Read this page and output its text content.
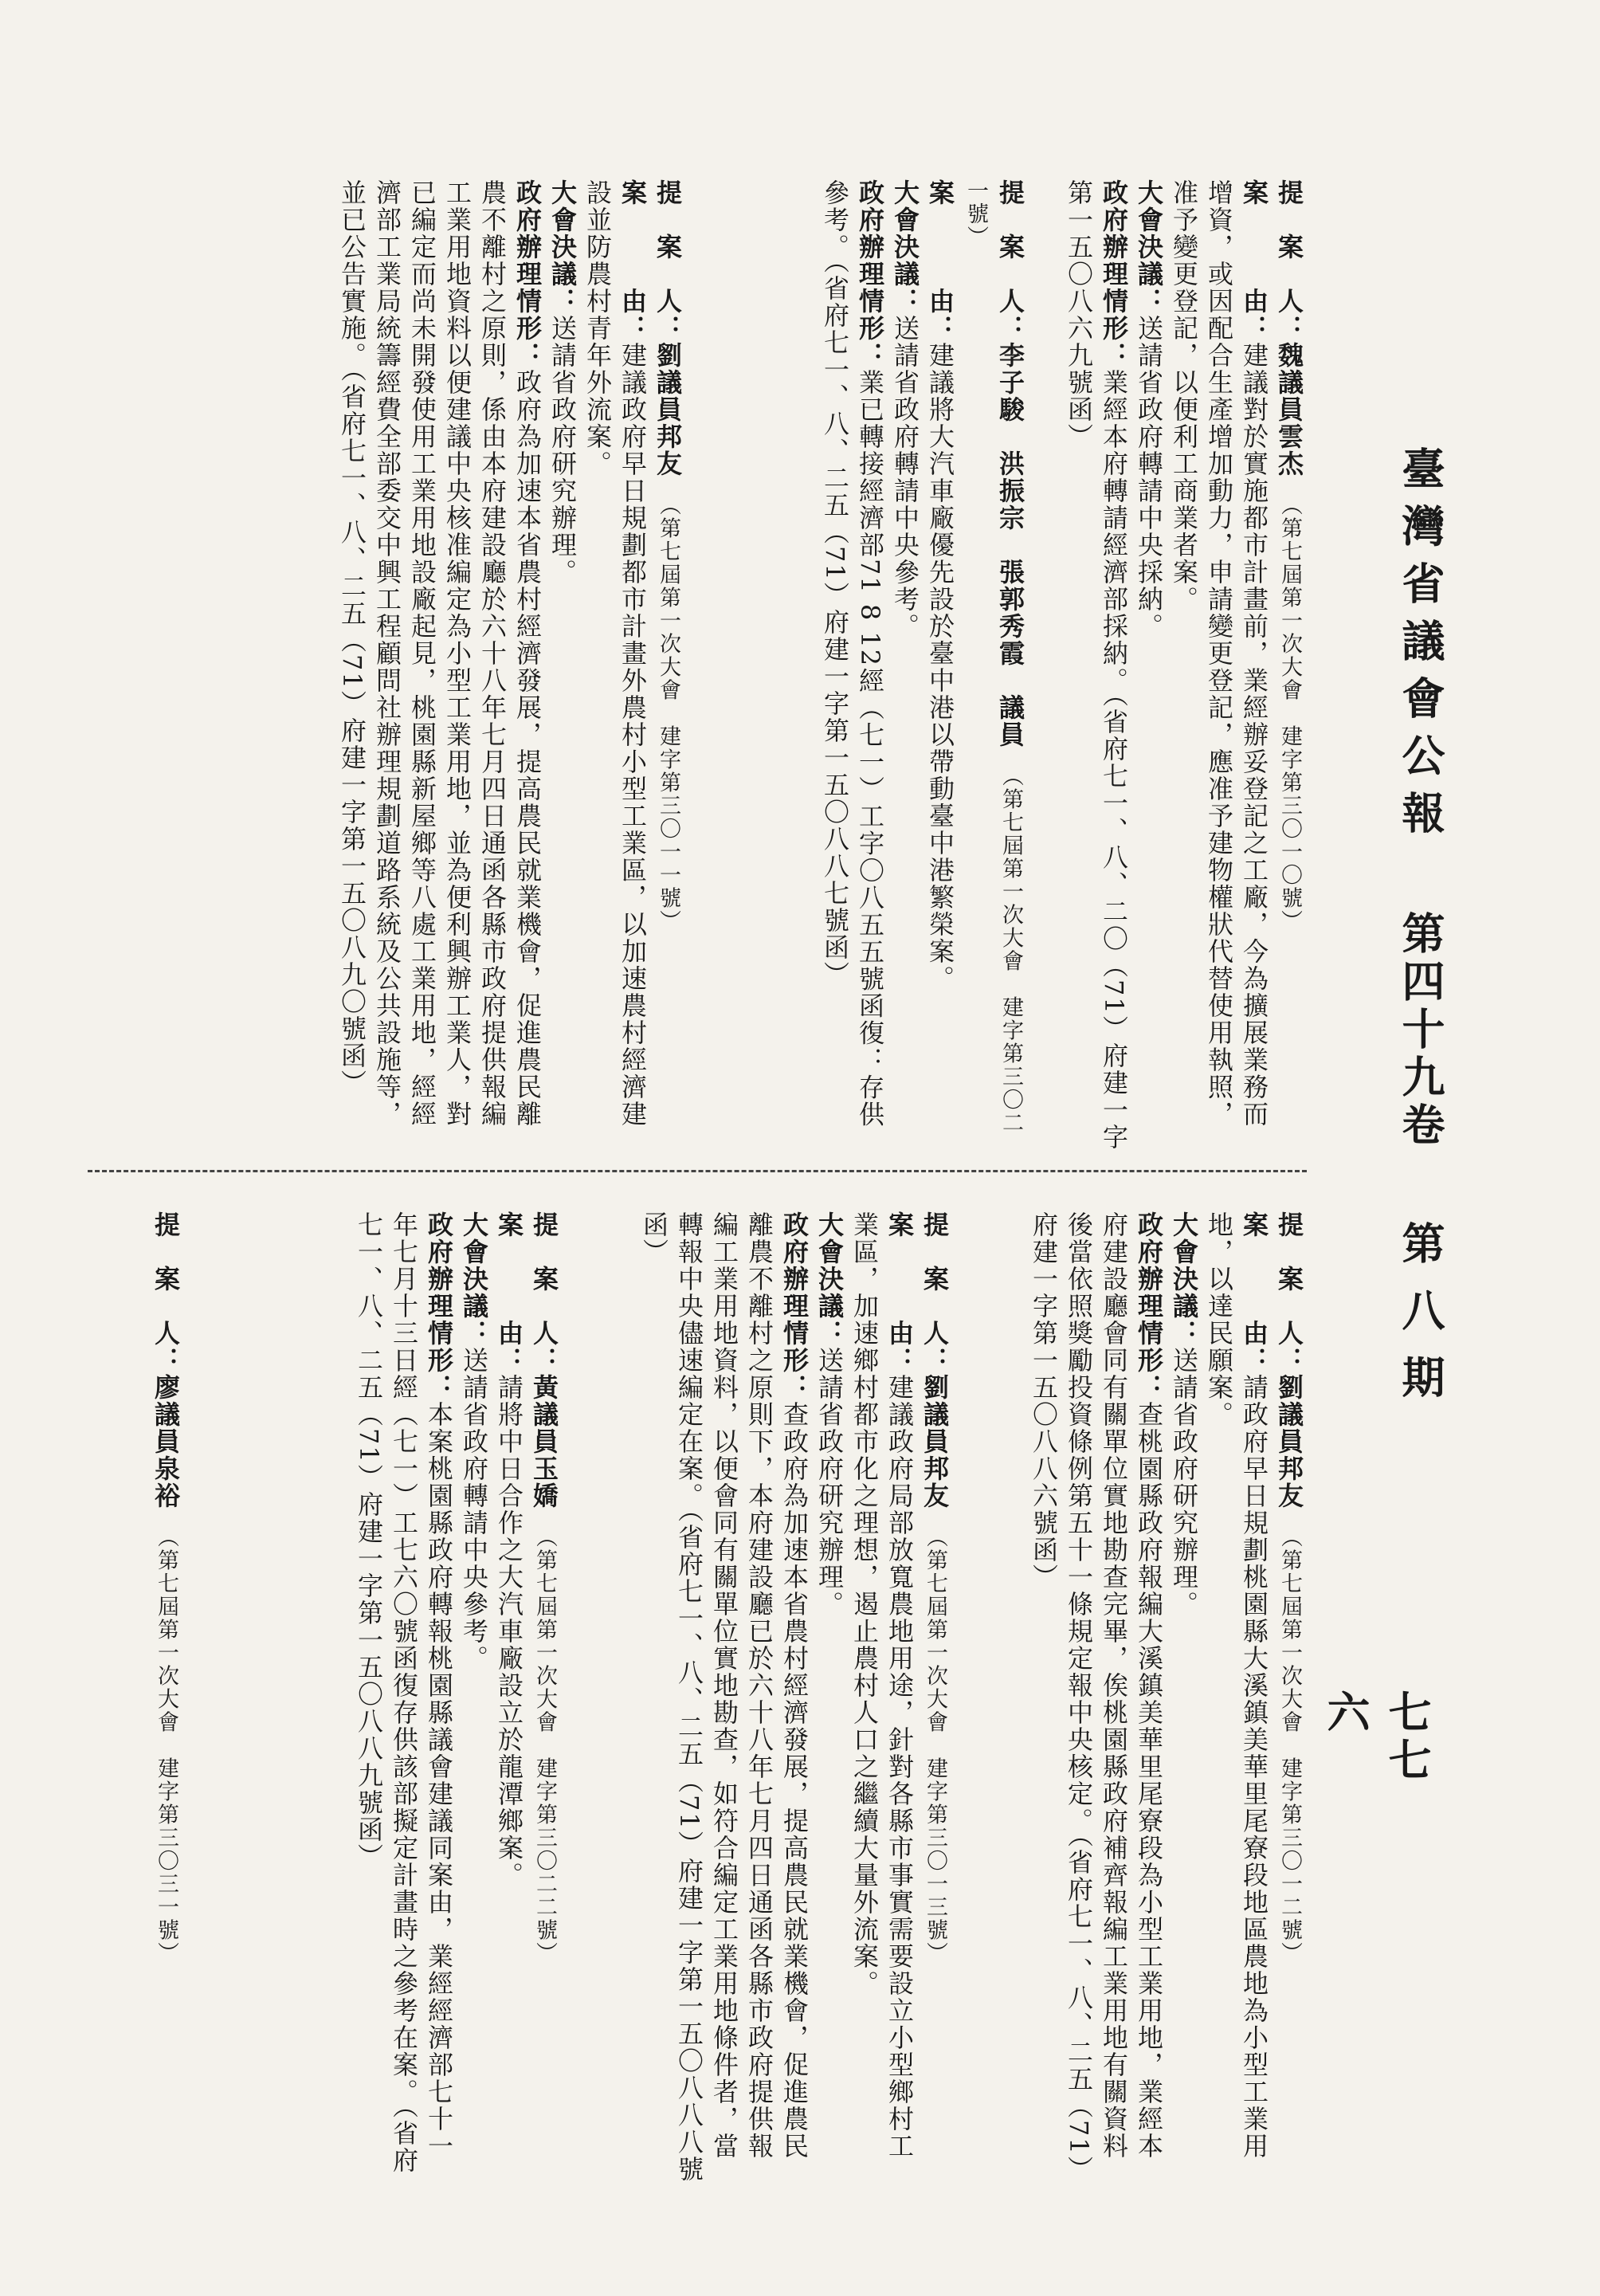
臺灣省議會公報 第四十九卷 第八期
七七六
提　案　人：魏議員雲杰　（第七屆第一次大會　建字第三〇一〇號）
案　　　由：建議對於實施都市計畫前，業經辦妥登記之工廠，今為擴展業務而增資，或因配合生產增加動力，申請變更登記，應准予建物權狀代替使用執照，准予變更登記，以便利工商業者案。
大會決議：送請省政府轉請中央採納。
政府辦理情形：業經本府轉請經濟部採納。（省府七一、八、二〇（71）府建一字第一五〇八六九號函）
提　案　人：李子駿　洪振宗　張郭秀霞　議員　（第七屆第一次大會　建字第三〇二一號）
案　　　由：建議將大汽車廠優先設於臺中港以帶動臺中港繁榮案。
大會決議：送請省政府轉請中央參考。
政府辦理情形：業已轉接經濟部71 8 12經（七一）工字〇八五五號函復：存供參考。（省府七一、八、二五（71）府建一字第一五〇八八七號函）
提　案　人：劉議員邦友　（第七屆第一次大會　建字第三〇一一號）
案　　　由：建議政府早日規劃都市計畫外農村小型工業區，以加速農村經濟建設並防農村青年外流案。
大會決議：送請省政府研究辦理。
政府辦理情形：政府為加速本省農村經濟發展，提高農民就業機會，促進農民離農不離村之原則，係由本府建設廳於六十八年七月四日通函各縣市政府提供報編工業用地資料以便建議中央核准編定為小型工業用地，並為便利興辦工業人，對已編定而尚未開發使用工業用地設廠起見，桃園縣新屋鄉等八處工業用地，經經濟部工業局統籌經費全部委交中興工程顧問社辦理規劃道路系統及公共設施等，並已公告實施。（省府七一、八、二五（71）府建一字第一五〇八九〇號函）
提　案　人：劉議員邦友　（第七屆第一次大會　建字第三〇一二號）
案　　　由：請政府早日規劃桃園縣大溪鎮美華里尾寮段地區農地為小型工業用地，以達民願案。
大會決議：送請省政府研究辦理。
政府辦理情形：查桃園縣政府報編大溪鎮美華里尾寮段為小型工業用地，業經本府建設廳會同有關單位實地勘查完畢，俟桃園縣政府補齊報編工業用地有關資料後當依照獎勵投資條例第五十一條規定報中央核定。（省府七一、八、二五（71）府建一字第一五〇八八六號函）
提　案　人：劉議員邦友　（第七屆第一次大會　建字第三〇一三號）
案　　　由：建議政府局部放寬農地用途，針對各縣市事實需要設立小型鄉村工業區，加速鄉村都市化之理想，遏止農村人口之繼續大量外流案。
大會決議：送請省政府研究辦理。
政府辦理情形：查政府為加速本省農村經濟發展，提高農民就業機會，促進農民離農不離村之原則下，本府建設廳已於六十八年七月四日通函各縣市政府提供報編工業用地資料，以便會同有關單位實地勘查，如符合編定工業用地條件者，當轉報中央儘速編定在案。（省府七一、八、二五（71）府建一字第一五〇八八八號函）
提　案　人：黃議員玉嬌　（第七屆第一次大會　建字第三〇二二號）
案　　　由：請將中日合作之大汽車廠設立於龍潭鄉案。
大會決議：送請省政府轉請中央參考。
政府辦理情形：本案桃園縣政府轉報桃園縣議會建議同案由，業經經濟部七十一年七月十三日經（七一）工七六〇號函復存供該部擬定計畫時之參考在案。（省府七一、八、二五（71）府建一字第一五〇八八九號函）
提　案　人：廖議員泉裕　（第七屆第一次大會　建字第三〇三一號）
